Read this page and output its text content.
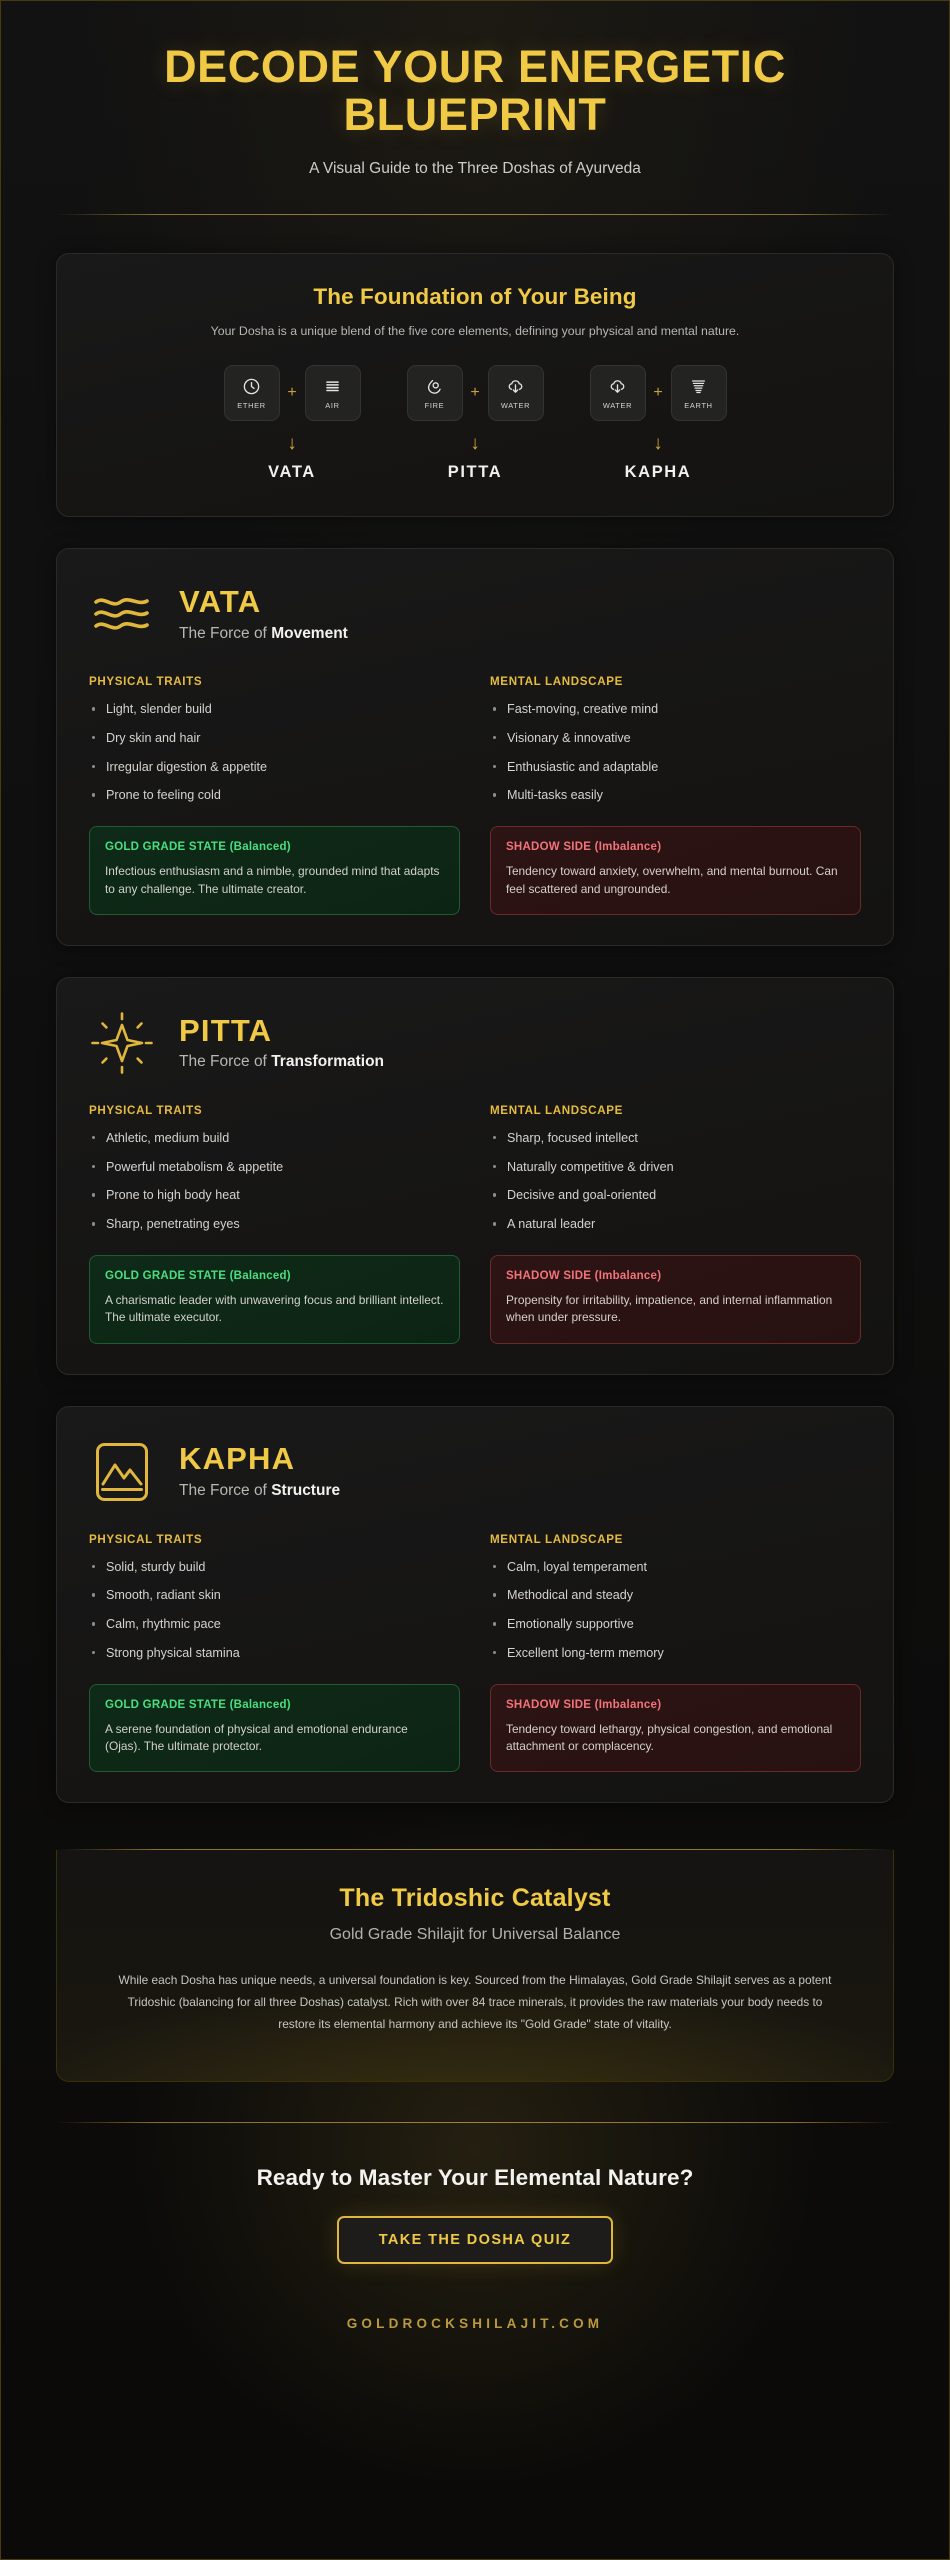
DECODE YOUR ENERGETIC BLUEPRINT
A Visual Guide to the Three Doshas of Ayurveda
The Foundation of Your Being
Your Dosha is a unique blend of the five core elements, defining your physical and mental nature.
ETHER
+
AIR	FIRE
+
WATER	WATER
+
EARTH
↓	↓	↓
VATA	PITTA	KAPHA
VATA
The Force of Movement
PHYSICAL TRAITS
Light, slender build
Dry skin and hair
Irregular digestion & appetite
Prone to feeling cold
MENTAL LANDSCAPE
Fast-moving, creative mind
Visionary & innovative
Enthusiastic and adaptable
Multi-tasks easily
GOLD GRADE STATE (Balanced)
Infectious enthusiasm and a nimble, grounded mind that adapts to any challenge. The ultimate creator.
SHADOW SIDE (Imbalance)
Tendency toward anxiety, overwhelm, and mental burnout. Can feel scattered and ungrounded.
PITTA
The Force of Transformation
PHYSICAL TRAITS
Athletic, medium build
Powerful metabolism & appetite
Prone to high body heat
Sharp, penetrating eyes
MENTAL LANDSCAPE
Sharp, focused intellect
Naturally competitive & driven
Decisive and goal-oriented
A natural leader
GOLD GRADE STATE (Balanced)
A charismatic leader with unwavering focus and brilliant intellect. The ultimate executor.
SHADOW SIDE (Imbalance)
Propensity for irritability, impatience, and internal inflammation when under pressure.
KAPHA
The Force of Structure
PHYSICAL TRAITS
Solid, sturdy build
Smooth, radiant skin
Calm, rhythmic pace
Strong physical stamina
MENTAL LANDSCAPE
Calm, loyal temperament
Methodical and steady
Emotionally supportive
Excellent long-term memory
GOLD GRADE STATE (Balanced)
A serene foundation of physical and emotional endurance (Ojas). The ultimate protector.
SHADOW SIDE (Imbalance)
Tendency toward lethargy, physical congestion, and emotional attachment or complacency.
The Tridoshic Catalyst
Gold Grade Shilajit for Universal Balance
While each Dosha has unique needs, a universal foundation is key. Sourced from the Himalayas, Gold Grade Shilajit serves as a potent Tridoshic (balancing for all three Doshas) catalyst. Rich with over 84 trace minerals, it provides the raw materials your body needs to restore its elemental harmony and achieve its "Gold Grade" state of vitality.
Ready to Master Your Elemental Nature?
TAKE THE DOSHA QUIZ
GOLDROCKSHILAJIT.COM
